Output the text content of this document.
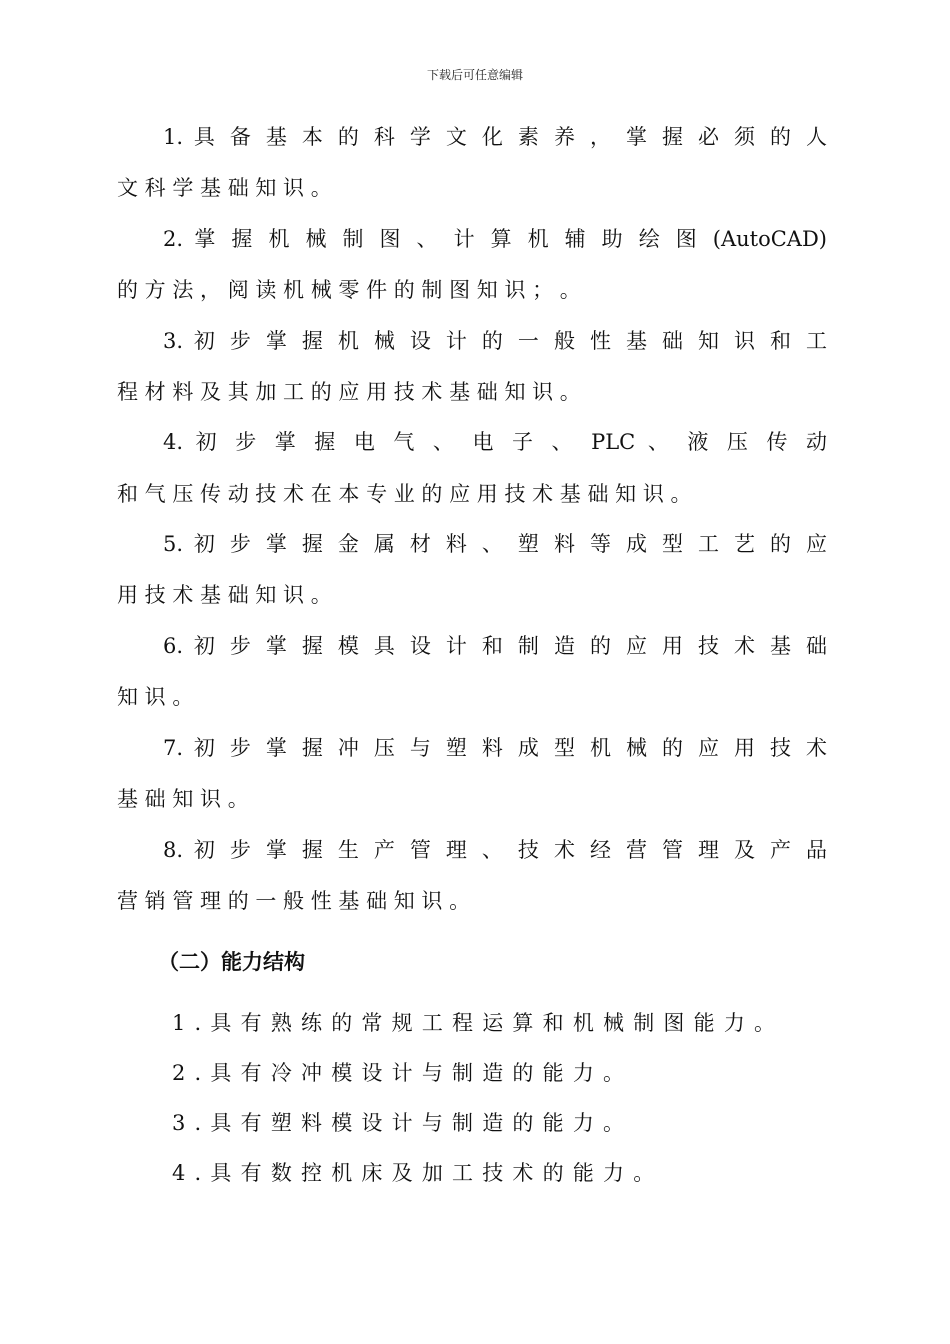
下载后可任意编辑
1. 具 备 基 本 的 科 学 文 化 素 养 ， 掌 握 必 须 的 人
文 科 学 基 础 知 识 。
2. 掌 握 机 械 制 图 、 计 算 机 辅 助 绘 图 (AutoCAD)
的 方 法 ， 阅 读 机 械 零 件 的 制 图 知 识 ； 。
3. 初 步 掌 握 机 械 设 计 的 一 般 性 基 础 知 识 和 工
程 材 料 及 其 加 工 的 应 用 技 术 基 础 知 识 。
4. 初 步 掌 握 电 气 、 电 子 、 PLC 、 液 压 传 动
和 气 压 传 动 技 术 在 本 专 业 的 应 用 技 术 基 础 知 识 。
5. 初 步 掌 握 金 属 材 料 、 塑 料 等 成 型 工 艺 的 应
用 技 术 基 础 知 识 。
6. 初 步 掌 握 模 具 设 计 和 制 造 的 应 用 技 术 基 础
知 识 。
7. 初 步 掌 握 冲 压 与 塑 料 成 型 机 械 的 应 用 技 术
基 础 知 识 。
8. 初 步 掌 握 生 产 管 理 、 技 术 经 营 管 理 及 产 品
营 销 管 理 的 一 般 性 基 础 知 识 。
（二）能力结构
1.具有熟练的常规工程运算和机械制图能力。
2.具有冷冲模设计与制造的能力。
3.具有塑料模设计与制造的能力。
4.具有数控机床及加工技术的能力。
